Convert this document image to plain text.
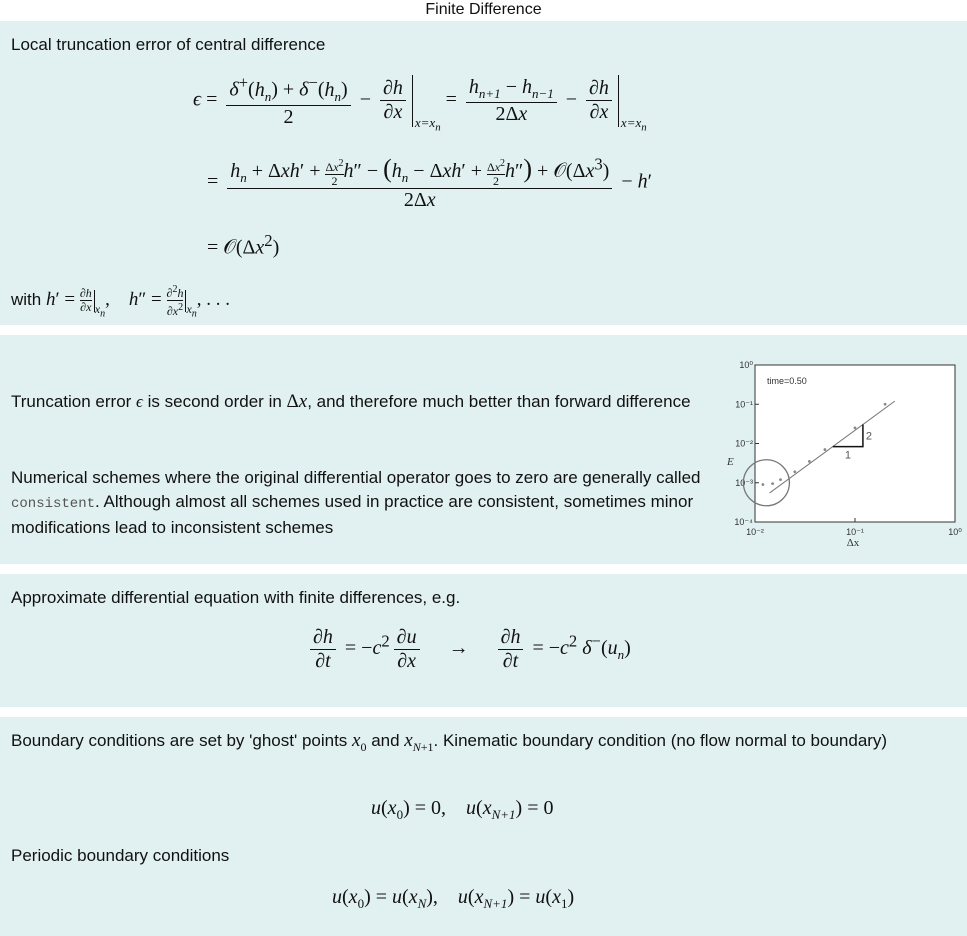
Finite Difference
Local truncation error of central difference
$\epsilon = \frac{\delta^+(h_n) + \delta^-(h_n)}{2} - \frac{\partial h}{\partial x} _{x=x_n} = \frac{h_{n+1} - h_{n-1}}{2\Delta x} - \frac{\partial h}{\partial x} _{x=x_n}$
= $\frac{h_n + \Delta xh' + \frac{\Delta x^2}{2} h'' - (h_n - \Delta xh' + \frac{\Delta x^2}{2} h'') + 𝒪(\Delta x^3)}{2\Delta x} - h'$
= $𝒪(\Delta x^2)$
with $h' = \frac{\partial h}{\partial x} _{x_n}$,    $h'' = \frac{\partial^2h}{\partial x^2} _{x_n}$, . . .
Truncation error ϵ is second order in Δx, and therefore much better than forward difference
Numerical schemes where the original differential operator goes to zero are generally called consistent. Although almost all schemes used in practice are consistent, sometimes minor modifications lead to inconsistent schemes	10⁻²	10⁻¹	10⁰
10⁰
10⁻¹
10⁻²
10⁻³
10⁻⁴
time=0.50
2
1
E
Δx
Approximate differential equation with finite differences, e.g.
$\frac{\partial h}{\partial t} = -c^2 \frac{\partial u}{\partial x} \to \frac{\partial h}{\partial t} = -c^2$ $\delta^-(u_n)$
Boundary conditions are set by 'ghost' points $x_0$ and $x_{N+1}$. Kinematic boundary condition (no flow normal to boundary)
$u(x_0) = 0$,    $u(x_{N+1}) = 0$
Periodic boundary conditions
$u(x_0) = u(x_N)$,    $u(x_{N+1}) = u(x_1)$
